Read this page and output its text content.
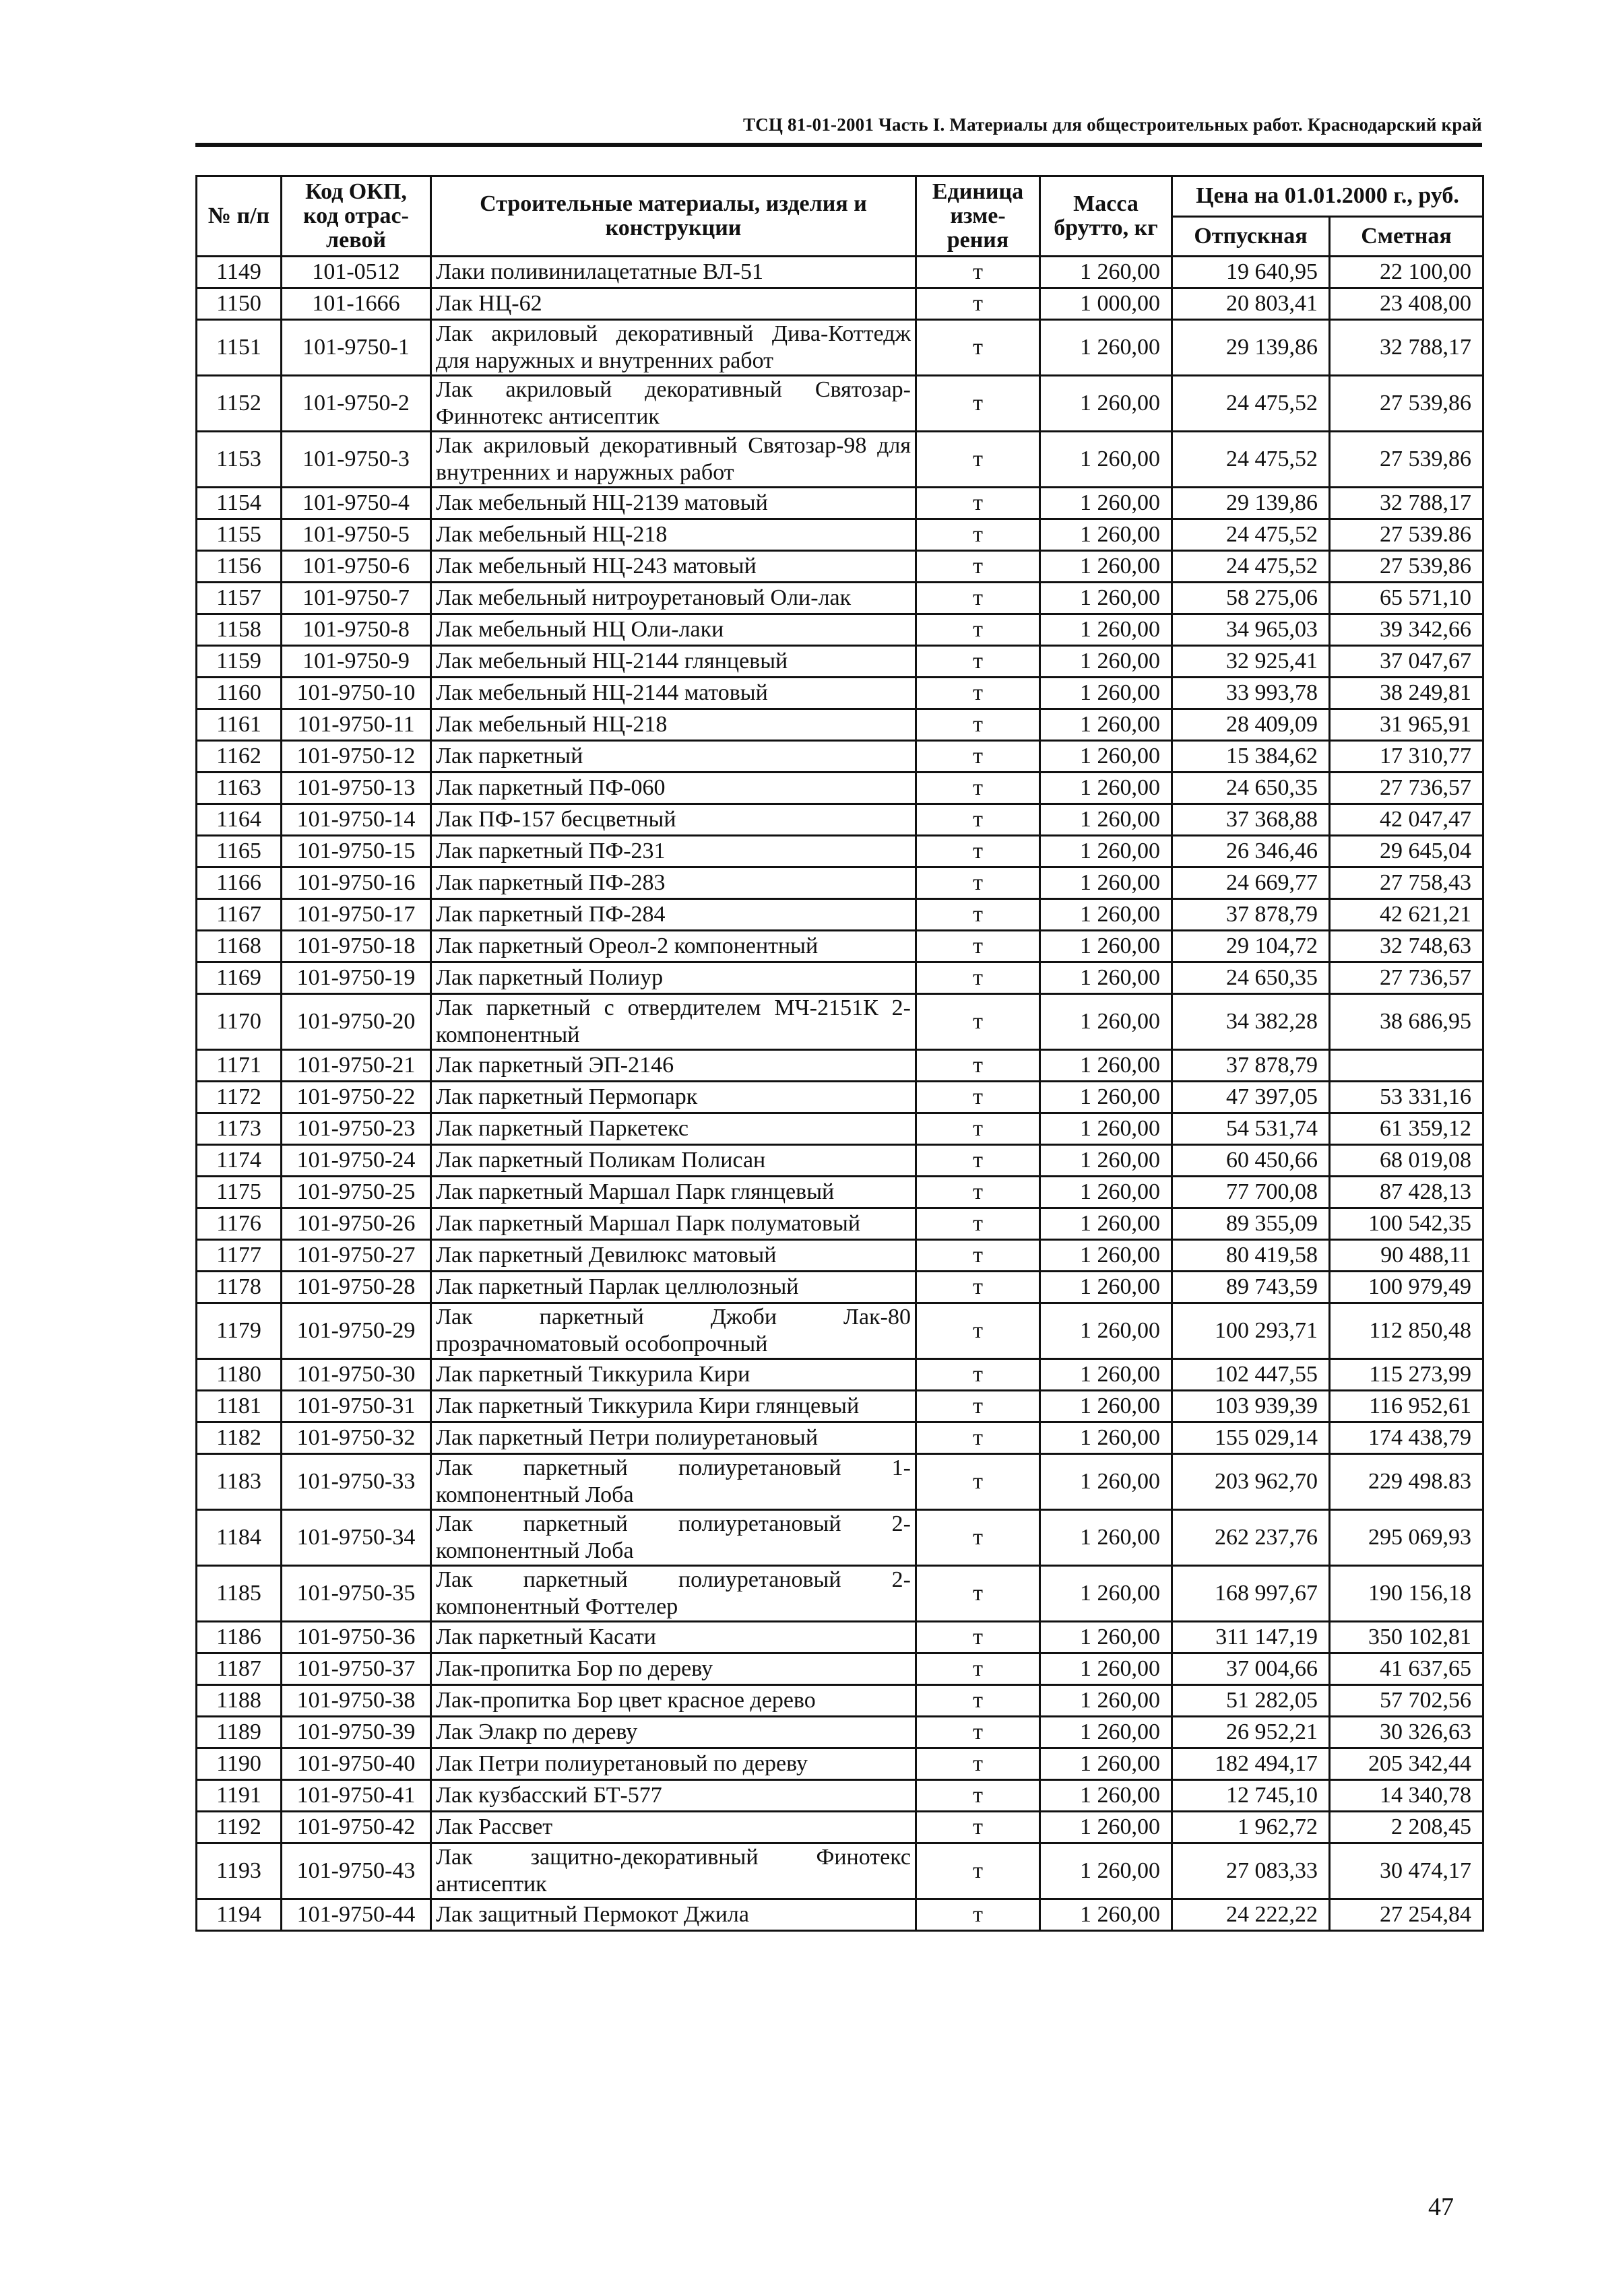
ТСЦ 81-01-2001 Часть I. Материалы для общестроительных работ. Краснодарский край
№ п/п	Код ОКП, код отрас-левой	Строительные материалы, изделия и конструкции	Единица изме-рения	Масса брутто, кг	Цена на 01.01.2000 г., руб.	
					Отпускная	Сметная
1149	101-0512	Лаки поливинилацетатные ВЛ-51	т	1 260,00	19 640,95	22 100,00
1150	101-1666	Лак НЦ-62	т	1 000,00	20 803,41	23 408,00
1151	101-9750-1	Лак акриловый декоративный Дива-Коттедж для наружных и внутренних работ	т	1 260,00	29 139,86	32 788,17
1152	101-9750-2	Лак акриловый декоративный Святозар-Финнотекс антисептик	т	1 260,00	24 475,52	27 539,86
1153	101-9750-3	Лак акриловый декоративный Святозар-98 для внутренних и наружных работ	т	1 260,00	24 475,52	27 539,86
1154	101-9750-4	Лак мебельный НЦ-2139 матовый	т	1 260,00	29 139,86	32 788,17
1155	101-9750-5	Лак мебельный НЦ-218	т	1 260,00	24 475,52	27 539.86
1156	101-9750-6	Лак мебельный НЦ-243 матовый	т	1 260,00	24 475,52	27 539,86
1157	101-9750-7	Лак мебельный нитроуретановый Оли-лак	т	1 260,00	58 275,06	65 571,10
1158	101-9750-8	Лак мебельный НЦ Оли-лаки	т	1 260,00	34 965,03	39 342,66
1159	101-9750-9	Лак мебельный НЦ-2144 глянцевый	т	1 260,00	32 925,41	37 047,67
1160	101-9750-10	Лак мебельный НЦ-2144 матовый	т	1 260,00	33 993,78	38 249,81
1161	101-9750-11	Лак мебельный НЦ-218	т	1 260,00	28 409,09	31 965,91
1162	101-9750-12	Лак паркетный	т	1 260,00	15 384,62	17 310,77
1163	101-9750-13	Лак паркетный ПФ-060	т	1 260,00	24 650,35	27 736,57
1164	101-9750-14	Лак ПФ-157 бесцветный	т	1 260,00	37 368,88	42 047,47
1165	101-9750-15	Лак паркетный ПФ-231	т	1 260,00	26 346,46	29 645,04
1166	101-9750-16	Лак паркетный ПФ-283	т	1 260,00	24 669,77	27 758,43
1167	101-9750-17	Лак паркетный ПФ-284	т	1 260,00	37 878,79	42 621,21
1168	101-9750-18	Лак паркетный Ореол-2 компонентный	т	1 260,00	29 104,72	32 748,63
1169	101-9750-19	Лак паркетный Полиур	т	1 260,00	24 650,35	27 736,57
1170	101-9750-20	Лак паркетный с отвердителем МЧ-2151К 2-компонентный	т	1 260,00	34 382,28	38 686,95
1171	101-9750-21	Лак паркетный ЭП-2146	т	1 260,00	37 878,79	
1172	101-9750-22	Лак паркетный Пермопарк	т	1 260,00	47 397,05	53 331,16
1173	101-9750-23	Лак паркетный Паркетекс	т	1 260,00	54 531,74	61 359,12
1174	101-9750-24	Лак паркетный Поликам Полисан	т	1 260,00	60 450,66	68 019,08
1175	101-9750-25	Лак паркетный Маршал Парк глянцевый	т	1 260,00	77 700,08	87 428,13
1176	101-9750-26	Лак паркетный Маршал Парк полуматовый	т	1 260,00	89 355,09	100 542,35
1177	101-9750-27	Лак паркетный Девилюкс матовый	т	1 260,00	80 419,58	90 488,11
1178	101-9750-28	Лак паркетный Парлак целлюлозный	т	1 260,00	89 743,59	100 979,49
1179	101-9750-29	Лак паркетный Джоби Лак-80 прозрачноматовый особопрочный	т	1 260,00	100 293,71	112 850,48
1180	101-9750-30	Лак паркетный Тиккурила Кири	т	1 260,00	102 447,55	115 273,99
1181	101-9750-31	Лак паркетный Тиккурила Кири глянцевый	т	1 260,00	103 939,39	116 952,61
1182	101-9750-32	Лак паркетный Петри полиуретановый	т	1 260,00	155 029,14	174 438,79
1183	101-9750-33	Лак паркетный полиуретановый 1-компонентный Лоба	т	1 260,00	203 962,70	229 498.83
1184	101-9750-34	Лак паркетный полиуретановый 2-компонентный Лоба	т	1 260,00	262 237,76	295 069,93
1185	101-9750-35	Лак паркетный полиуретановый 2-компонентный Фоттелер	т	1 260,00	168 997,67	190 156,18
1186	101-9750-36	Лак паркетный Касати	т	1 260,00	311 147,19	350 102,81
1187	101-9750-37	Лак-пропитка Бор по дереву	т	1 260,00	37 004,66	41 637,65
1188	101-9750-38	Лак-пропитка Бор цвет красное дерево	т	1 260,00	51 282,05	57 702,56
1189	101-9750-39	Лак Элакр по дереву	т	1 260,00	26 952,21	30 326,63
1190	101-9750-40	Лак Петри полиуретановый по дереву	т	1 260,00	182 494,17	205 342,44
1191	101-9750-41	Лак кузбасский БТ-577	т	1 260,00	12 745,10	14 340,78
1192	101-9750-42	Лак Рассвет	т	1 260,00	1 962,72	2 208,45
1193	101-9750-43	Лак защитно-декоративный Финотекс антисептик	т	1 260,00	27 083,33	30 474,17
1194	101-9750-44	Лак защитный Пермокот Джила	т	1 260,00	24 222,22	27 254,84
47
